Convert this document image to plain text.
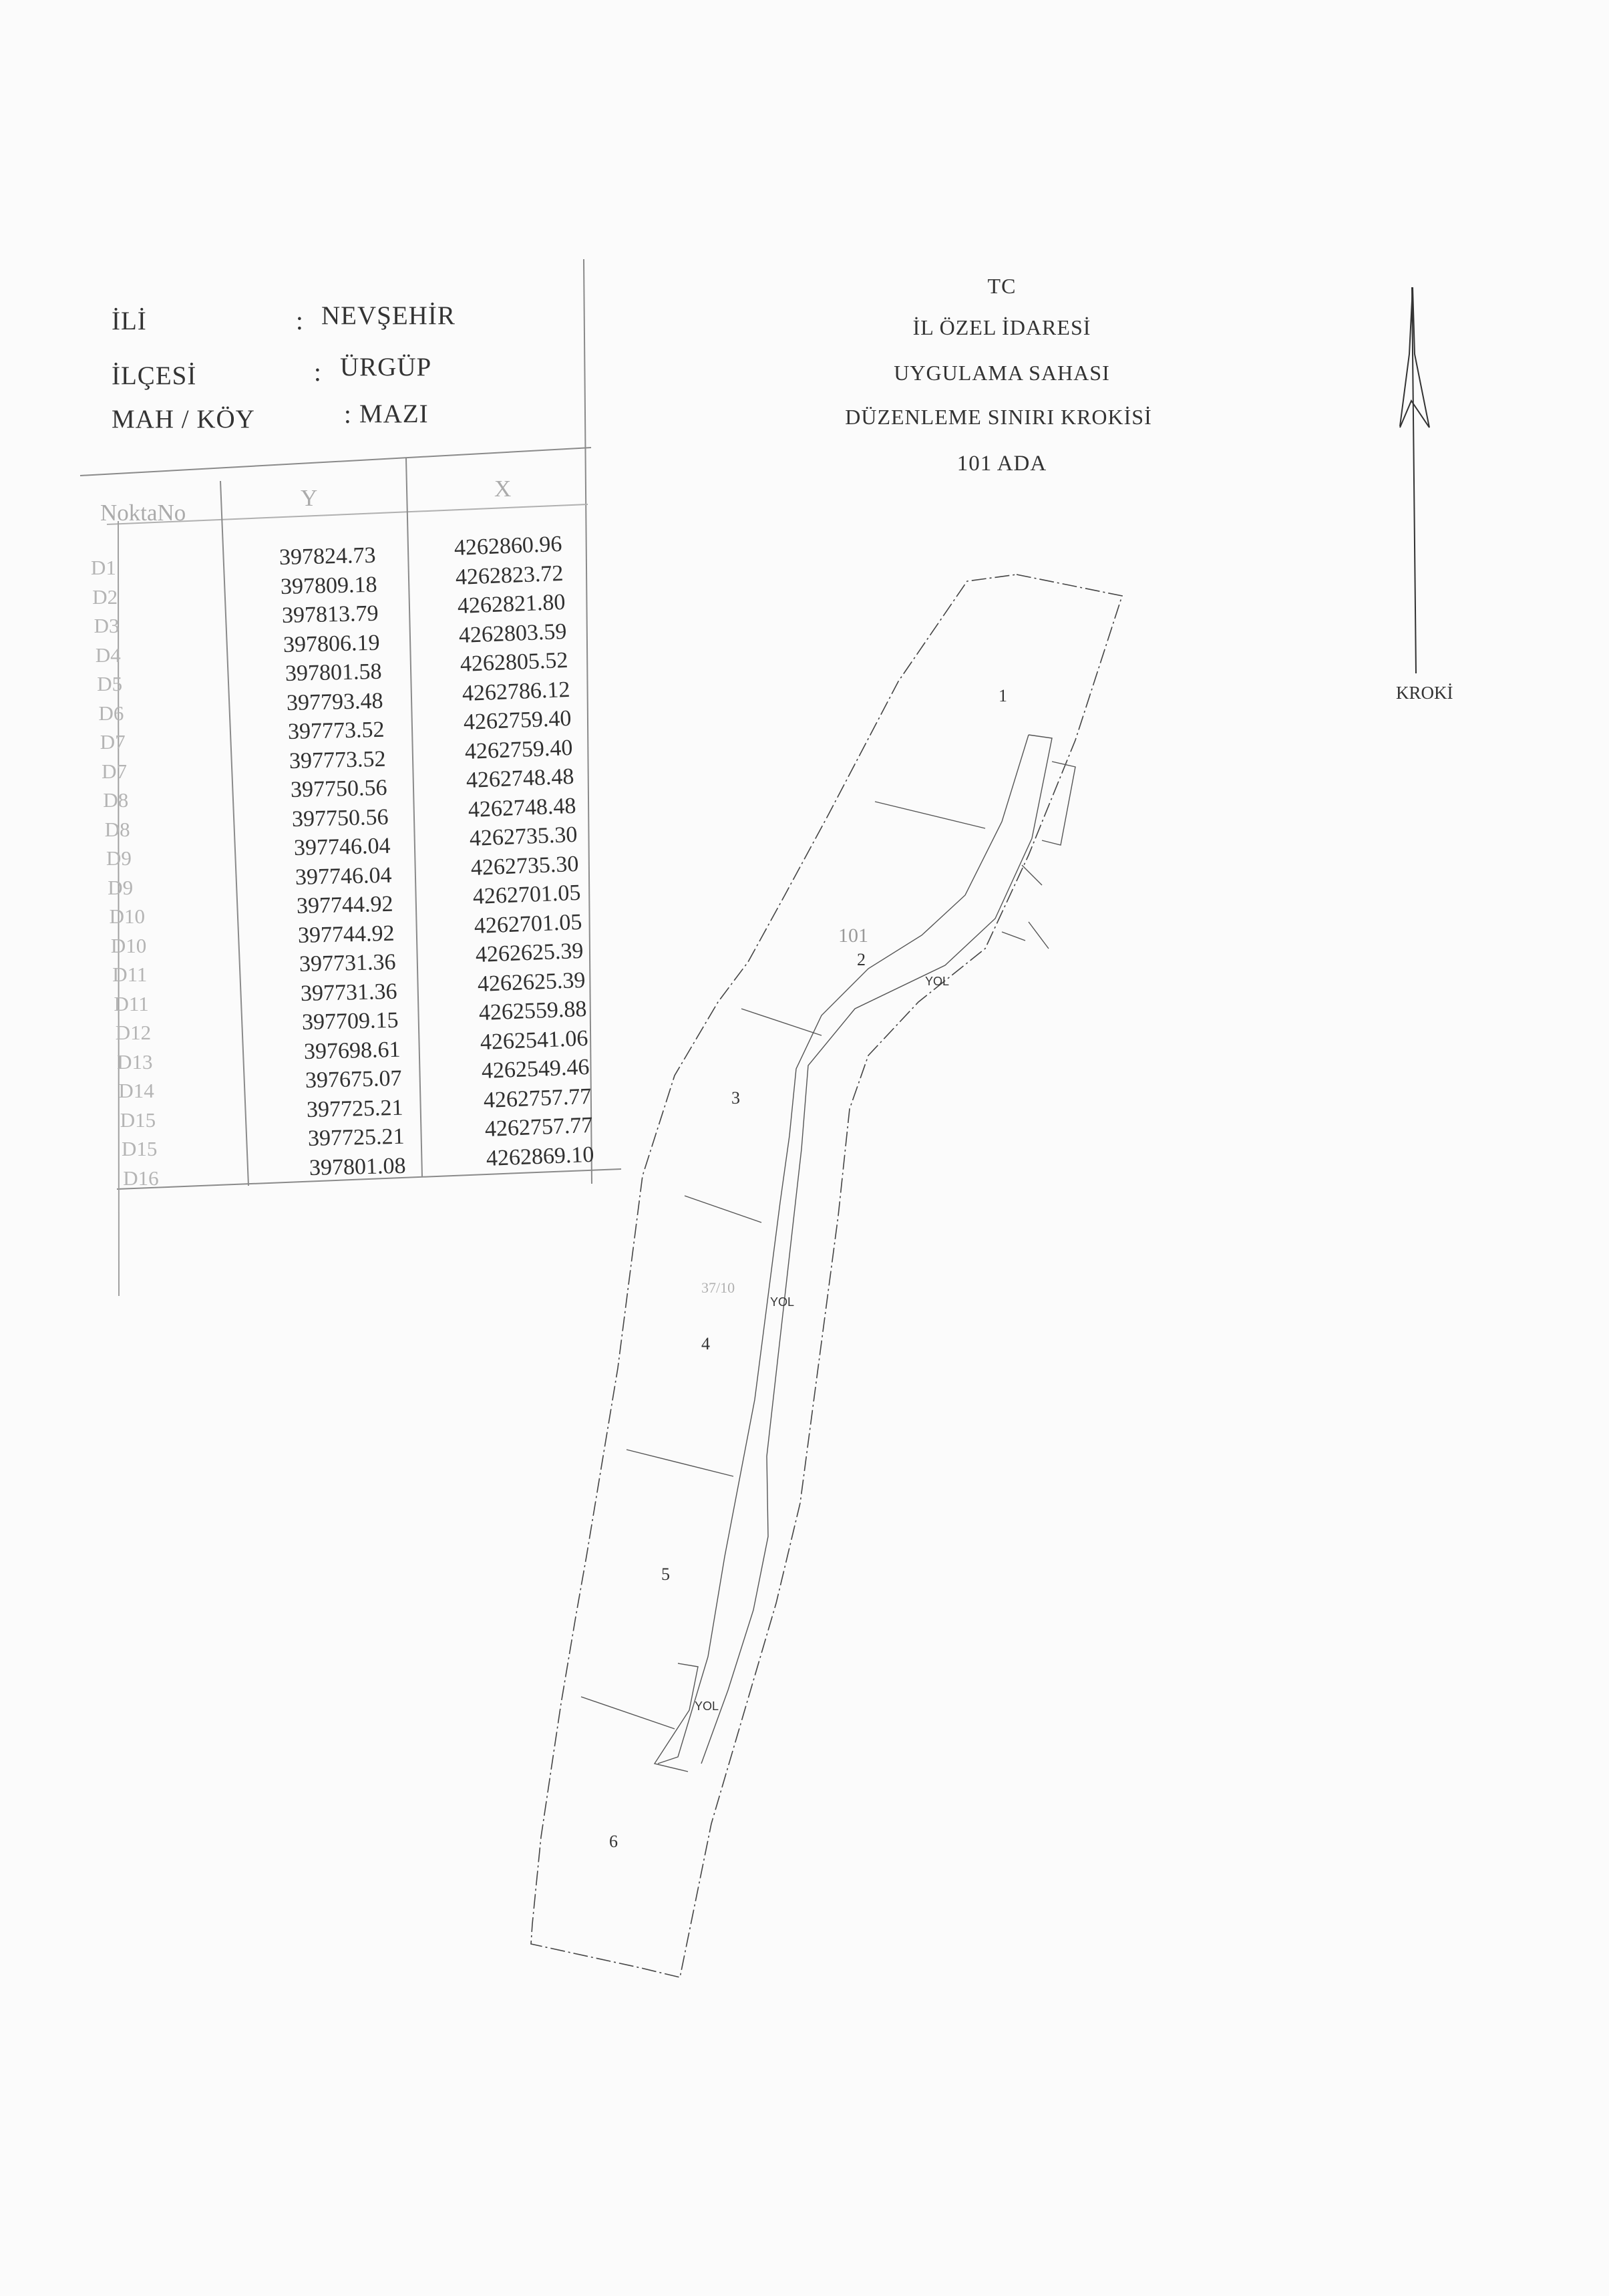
İLİ	: NEVŞEHİR
İLÇESİ	: ÜRGÜP
MAH / KÖY	: MAZI
TC
İL ÖZEL İDARESİ
UYGULAMA SAHASI
DÜZENLEME SINIRI KROKİSİ
101 ADA
KROKİ
1
101
2
YOL
3
37/10
YOL
4
5
YOL
6
NoktaNo
Y	X
D1	397824.73	4262860.96
D2	397809.18	4262823.72
D3	397813.79	4262821.80
D4	397806.19	4262803.59
D5	397801.58	4262805.52
D6	397793.48	4262786.12
D7	397773.52	4262759.40
D7	397773.52	4262759.40
D8	397750.56	4262748.48
D8	397750.56	4262748.48
D9	397746.04	4262735.30
D9	397746.04	4262735.30
D10	397744.92	4262701.05
D10	397744.92	4262701.05
D11	397731.36	4262625.39
D11	397731.36	4262625.39
D12	397709.15	4262559.88
D13	397698.61	4262541.06
D14	397675.07	4262549.46
D15	397725.21	4262757.77
D15	397725.21	4262757.77
D16	397801.08	4262869.10
